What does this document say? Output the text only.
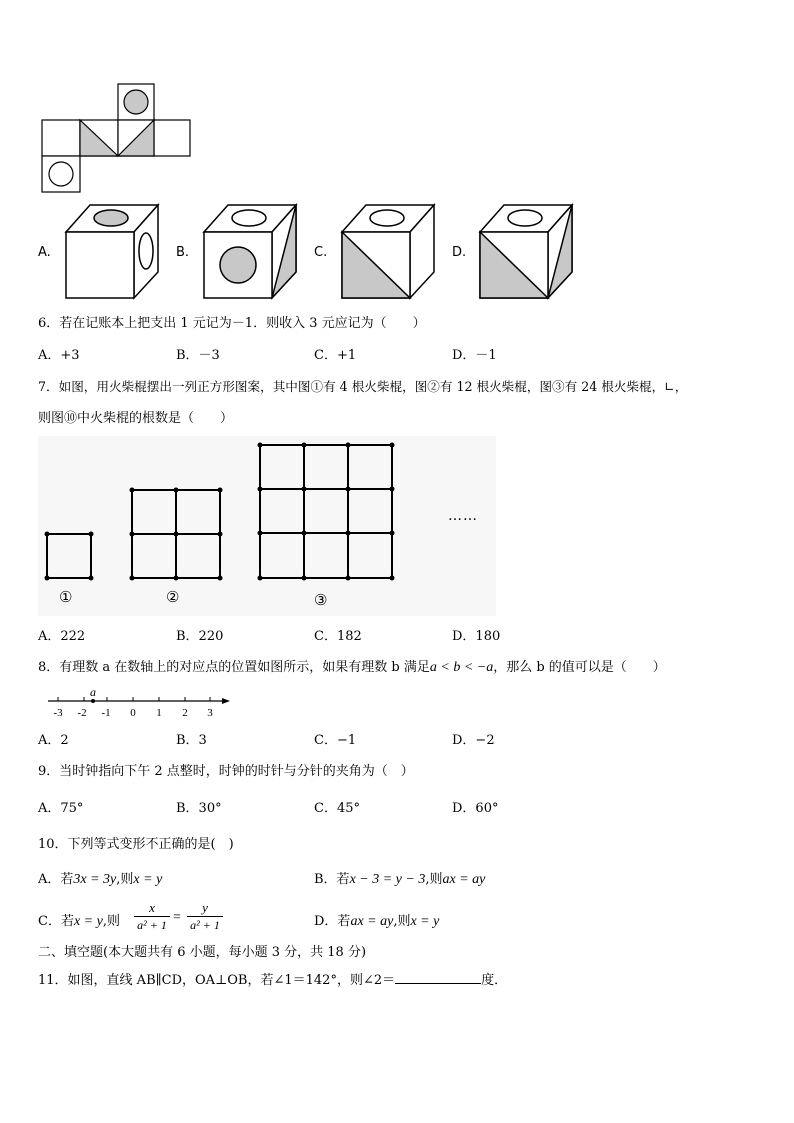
A.	B.	C.	D.
6．若在记账本上把支出 1 元记为－1．则收入 3 元应记为（　　）
A．+3	B．－3	C．+1	D．－1
7．如图，用火柴棍摆出一列正方形图案，其中图①有 4 根火柴棍，图②有 12 根火柴棍，图③有 24 根火柴棍，∟，
则图⑩中火柴棍的根数是（　　）
……
①	②	③
A．222	B．220	C．182	D．180
8．有理数 a 在数轴上的对应点的位置如图所示，如果有理数 b 满足a < b < −a，那么 b 的值可以是（　　）
a
-3 -2 -1 0 1 2 3
A．2	B．3	C．−1	D．−2
9．当时钟指向下午 2 点整时，时钟的时针与分针的夹角为（　）
A．75°	B．30°	C．45°	D．60°
10．下列等式变形不正确的是(　)
A．若3x = 3y,则x = y	B．若x − 3 = y − 3,则ax = ay
C．若x = y,则
x
a² + 1 =
y
a² + 1	D．若ax = ay,则x = y
二、填空题(本大题共有 6 小题，每小题 3 分，共 18 分)
11．如图，直线 AB∥CD，OA⊥OB，若∠1＝142°，则∠2＝	度．
